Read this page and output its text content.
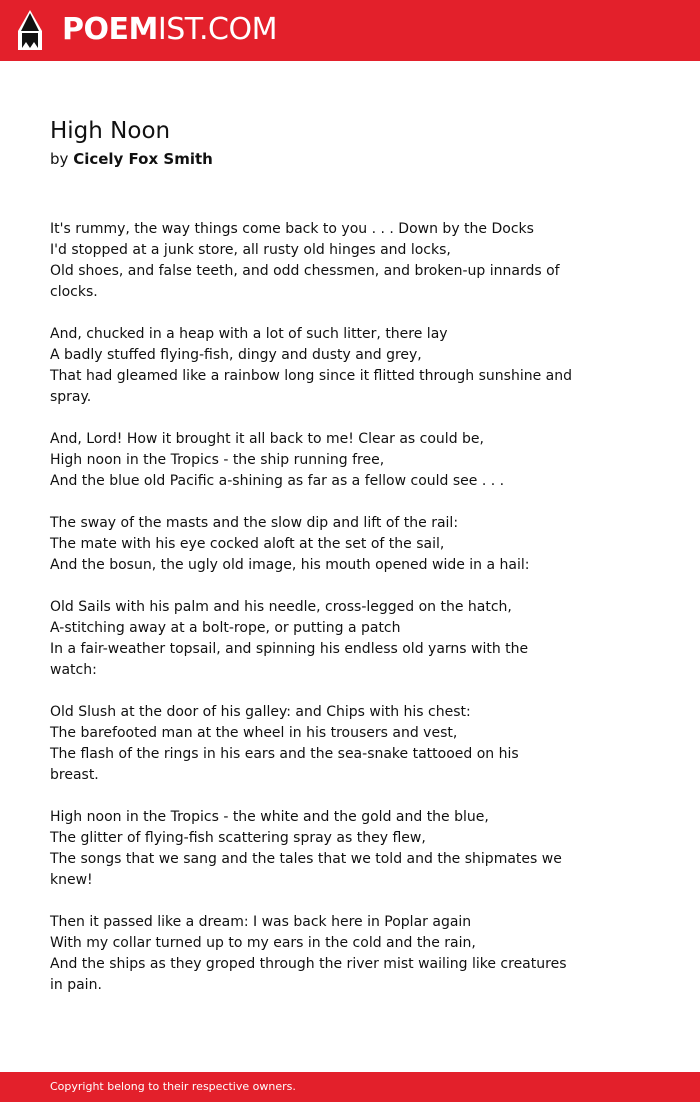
POEMIST.COM
High Noon
by Cicely Fox Smith
It's rummy, the way things come back to you . . . Down by the Docks
I'd stopped at a junk store, all rusty old hinges and locks,
Old shoes, and false teeth, and odd chessmen, and broken-up innards of
clocks.
And, chucked in a heap with a lot of such litter, there lay
A badly stuffed flying-fish, dingy and dusty and grey,
That had gleamed like a rainbow long since it flitted through sunshine and
spray.
And, Lord! How it brought it all back to me! Clear as could be,
High noon in the Tropics - the ship running free,
And the blue old Pacific a-shining as far as a fellow could see . . .
The sway of the masts and the slow dip and lift of the rail:
The mate with his eye cocked aloft at the set of the sail,
And the bosun, the ugly old image, his mouth opened wide in a hail:
Old Sails with his palm and his needle, cross-legged on the hatch,
A-stitching away at a bolt-rope, or putting a patch
In a fair-weather topsail, and spinning his endless old yarns with the
watch:
Old Slush at the door of his galley: and Chips with his chest:
The barefooted man at the wheel in his trousers and vest,
The flash of the rings in his ears and the sea-snake tattooed on his
breast.
High noon in the Tropics - the white and the gold and the blue,
The glitter of flying-fish scattering spray as they flew,
The songs that we sang and the tales that we told and the shipmates we
knew!
Then it passed like a dream: I was back here in Poplar again
With my collar turned up to my ears in the cold and the rain,
And the ships as they groped through the river mist wailing like creatures
in pain.
Copyright belong to their respective owners.
